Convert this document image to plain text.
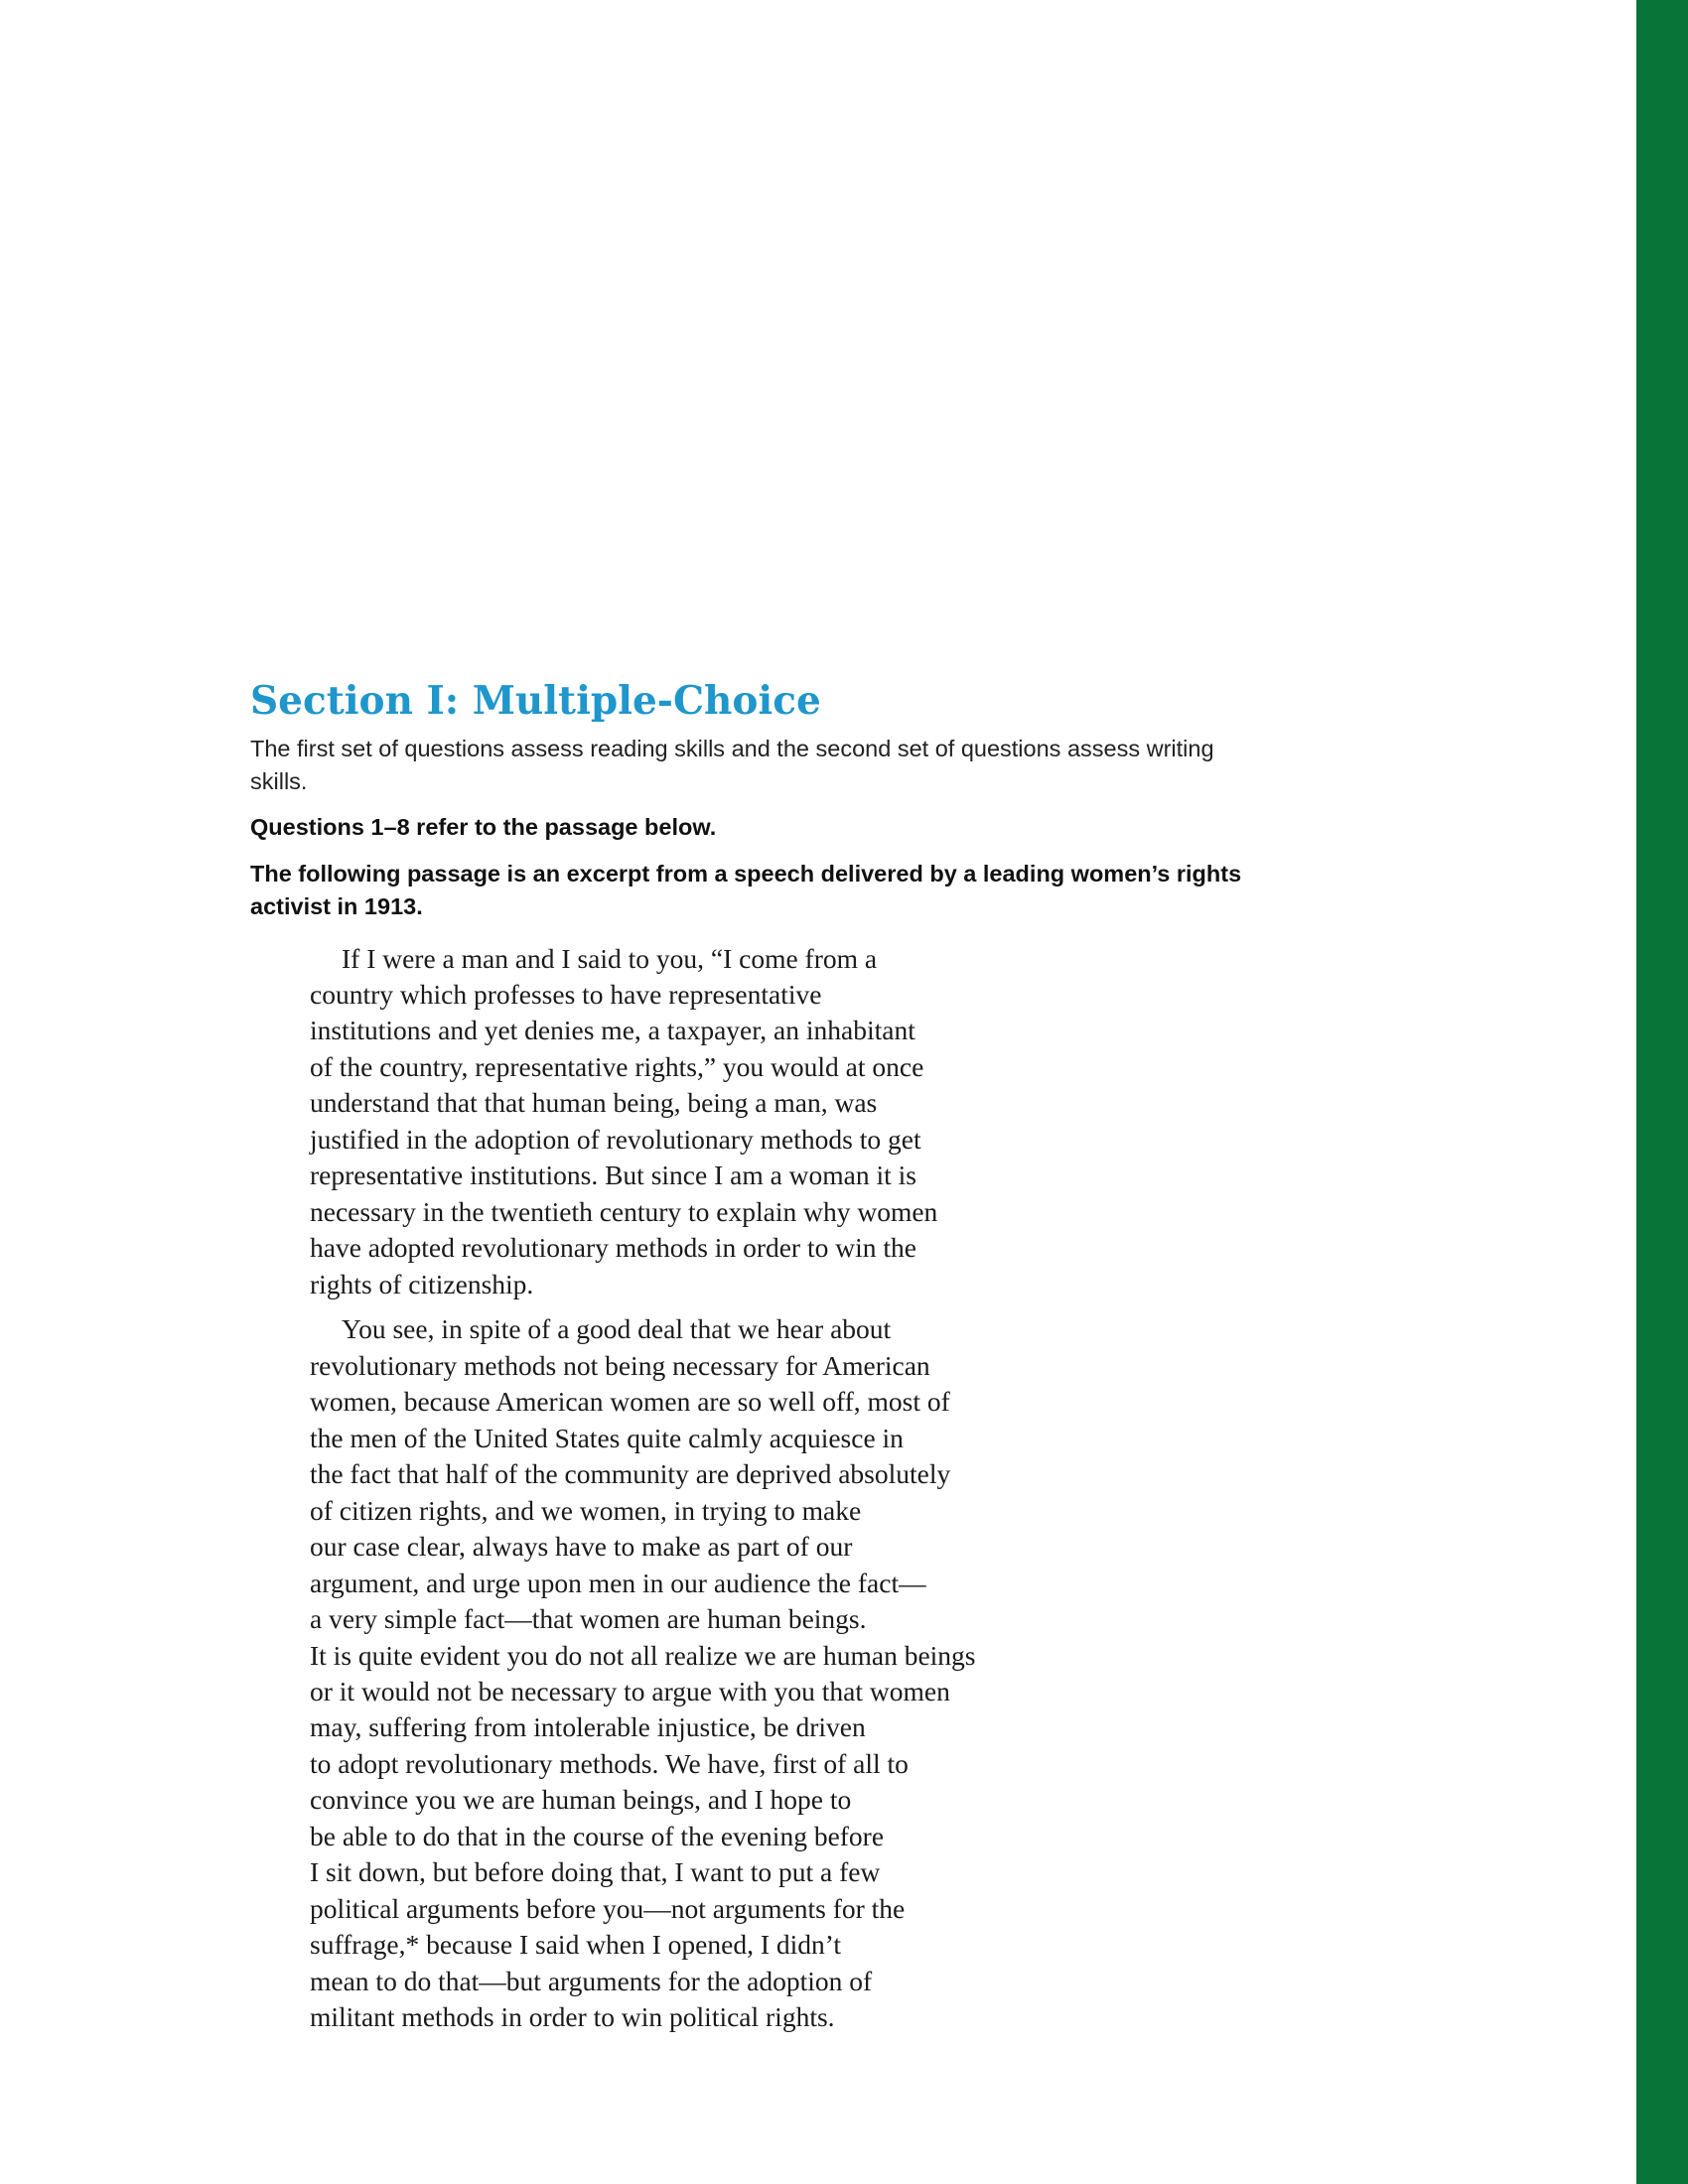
Section I: Multiple-Choice

The first set of questions assess reading skills and the second set of questions assess writing skills.

Questions 1–8 refer to the passage below.

The following passage is an excerpt from a speech delivered by a leading women’s rights activist in 1913.

If I were a man and I said to you, “I come from a
country which professes to have representative
institutions and yet denies me, a taxpayer, an inhabitant
of the country, representative rights,” you would at once
understand that that human being, being a man, was
justified in the adoption of revolutionary methods to get
representative institutions. But since I am a woman it is
necessary in the twentieth century to explain why women
have adopted revolutionary methods in order to win the
rights of citizenship.
You see, in spite of a good deal that we hear about
revolutionary methods not being necessary for American
women, because American women are so well off, most of
the men of the United States quite calmly acquiesce in
the fact that half of the community are deprived absolutely
of citizen rights, and we women, in trying to make
our case clear, always have to make as part of our
argument, and urge upon men in our audience the fact—
a very simple fact—that women are human beings.
It is quite evident you do not all realize we are human beings
or it would not be necessary to argue with you that women
may, suffering from intolerable injustice, be driven
to adopt revolutionary methods. We have, first of all to
convince you we are human beings, and I hope to
be able to do that in the course of the evening before
I sit down, but before doing that, I want to put a few
political arguments before you—not arguments for the
suffrage,* because I said when I opened, I didn’t
mean to do that—but arguments for the adoption of
militant methods in order to win political rights.
